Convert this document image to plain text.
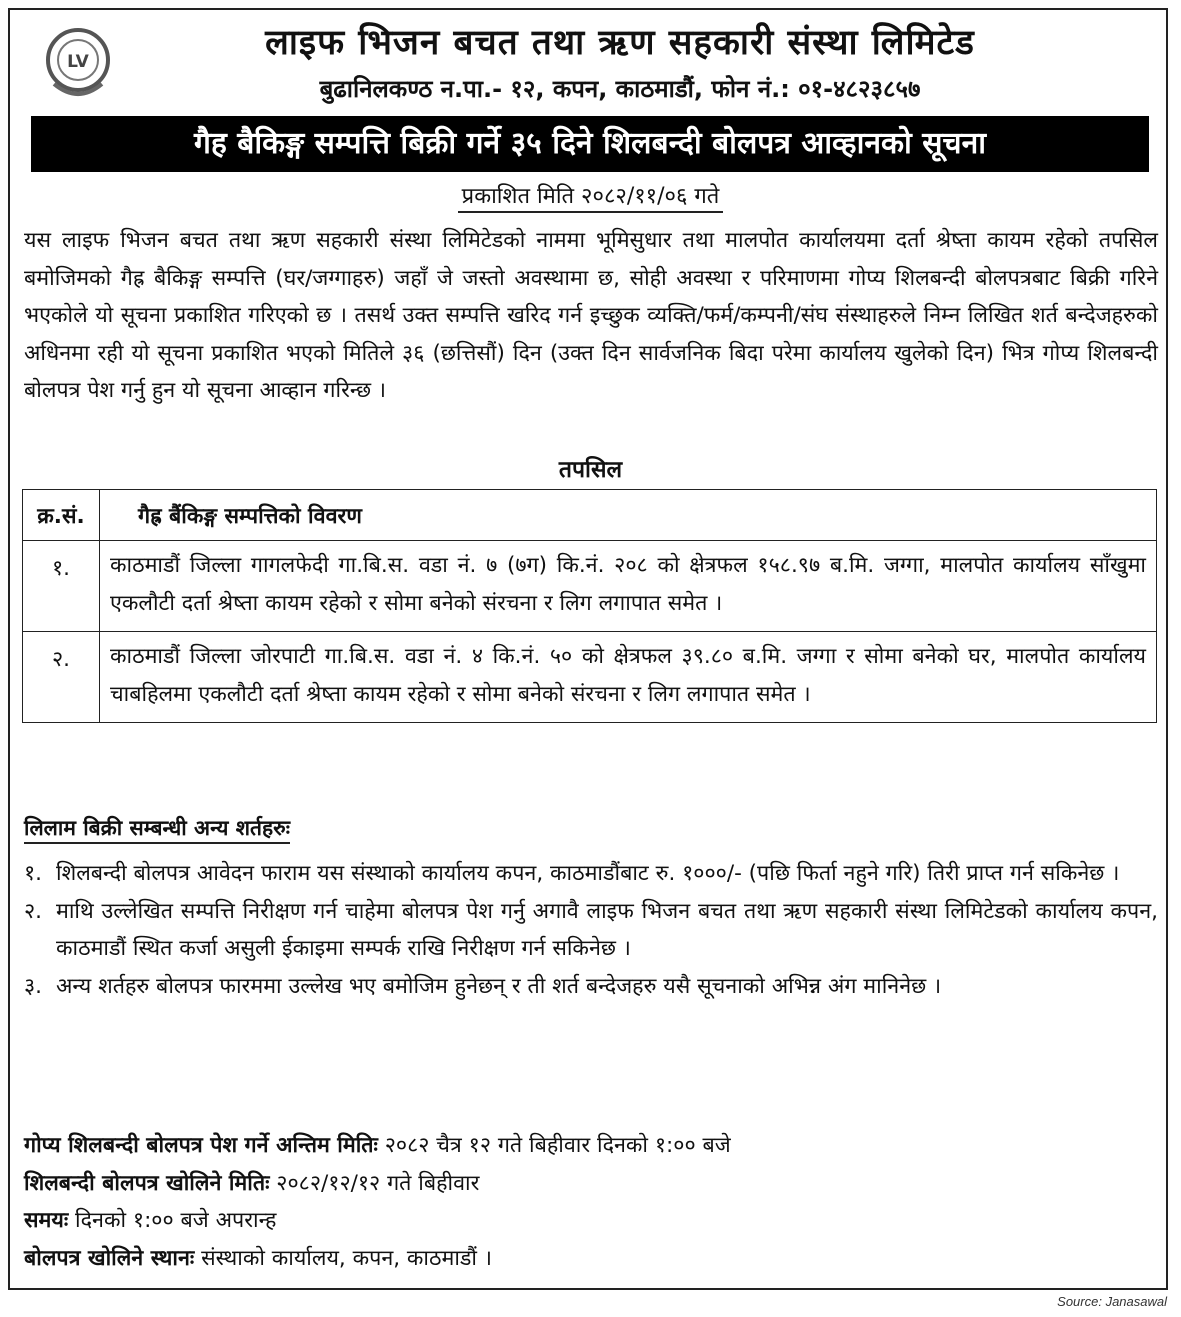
LV	लाइफ भिजन बचत तथा ऋण सहकारी संस्था लिमिटेड
बुढानिलकण्ठ न.पा.- १२, कपन, काठमाडौं, फोन नं.: ०१-४८२३८५७
गैह बैकिङ्ग सम्पत्ति बिक्री गर्ने ३५ दिने शिलबन्दी बोलपत्र आव्हानको सूचना
प्रकाशित मिति २०८२/११/०६ गते
यस लाइफ भिजन बचत तथा ऋण सहकारी संस्था लिमिटेडको नाममा भूमिसुधार तथा मालपोत कार्यालयमा दर्ता श्रेष्ता कायम रहेको तपसिल बमोजिमको गैह्र बैकिङ्ग सम्पत्ति (घर/जग्गाहरु) जहाँ जे जस्तो अवस्थामा छ, सोही अवस्था र परिमाणमा गोप्य शिलबन्दी बोलपत्रबाट बिक्री गरिने भएकोले यो सूचना प्रकाशित गरिएको छ । तसर्थ उक्त सम्पत्ति खरिद गर्न इच्छुक व्यक्ति/फर्म/कम्पनी/संघ संस्थाहरुले निम्न लिखित शर्त बन्देजहरुको अधिनमा रही यो सूचना प्रकाशित भएको मितिले ३६ (छत्तिसौं) दिन (उक्त दिन सार्वजनिक बिदा परेमा कार्यालय खुलेको दिन) भित्र गोप्य शिलबन्दी बोलपत्र पेश गर्नु हुन यो सूचना आव्हान गरिन्छ ।
तपसिल
क्र.सं.	गैह्र बैंकिङ्ग सम्पत्तिको विवरण
१.	काठमाडौं जिल्ला गागलफेदी गा.बि.स. वडा नं. ७ (७ग) कि.नं. २०८ को क्षेत्रफल १५८.९७ ब.मि. जग्गा, मालपोत कार्यालय साँखुमा एकलौटी दर्ता श्रेष्ता कायम रहेको र सोमा बनेको संरचना र लिग लगापात समेत ।
२.	काठमाडौं जिल्ला जोरपाटी गा.बि.स. वडा नं. ४ कि.नं. ५० को क्षेत्रफल ३९.८० ब.मि. जग्गा र सोमा बनेको घर, मालपोत कार्यालय चाबहिलमा एकलौटी दर्ता श्रेष्ता कायम रहेको र सोमा बनेको संरचना र लिग लगापात समेत ।
लिलाम बिक्री सम्बन्धी अन्य शर्तहरुः
१. शिलबन्दी बोलपत्र आवेदन फाराम यस संस्थाको कार्यालय कपन, काठमाडौंबाट रु. १०००/- (पछि फिर्ता नहुने गरि) तिरी प्राप्त गर्न सकिनेछ ।
२. माथि उल्लेखित सम्पत्ति निरीक्षण गर्न चाहेमा बोलपत्र पेश गर्नु अगावै लाइफ भिजन बचत तथा ऋण सहकारी संस्था लिमिटेडको कार्यालय कपन, काठमाडौं स्थित कर्जा असुली ईकाइमा सम्पर्क राखि निरीक्षण गर्न सकिनेछ ।
३. अन्य शर्तहरु बोलपत्र फारममा उल्लेख भए बमोजिम हुनेछन् र ती शर्त बन्देजहरु यसै सूचनाको अभिन्न अंग मानिनेछ ।
गोप्य शिलबन्दी बोलपत्र पेश गर्ने अन्तिम मितिः २०८२ चैत्र १२ गते बिहीवार दिनको १:०० बजे
शिलबन्दी बोलपत्र खोलिने मितिः २०८२/१२/१२ गते बिहीवार
समयः दिनको १:०० बजे अपरान्ह
बोलपत्र खोलिने स्थानः संस्थाको कार्यालय, कपन, काठमाडौं ।
Source: Janasawal
